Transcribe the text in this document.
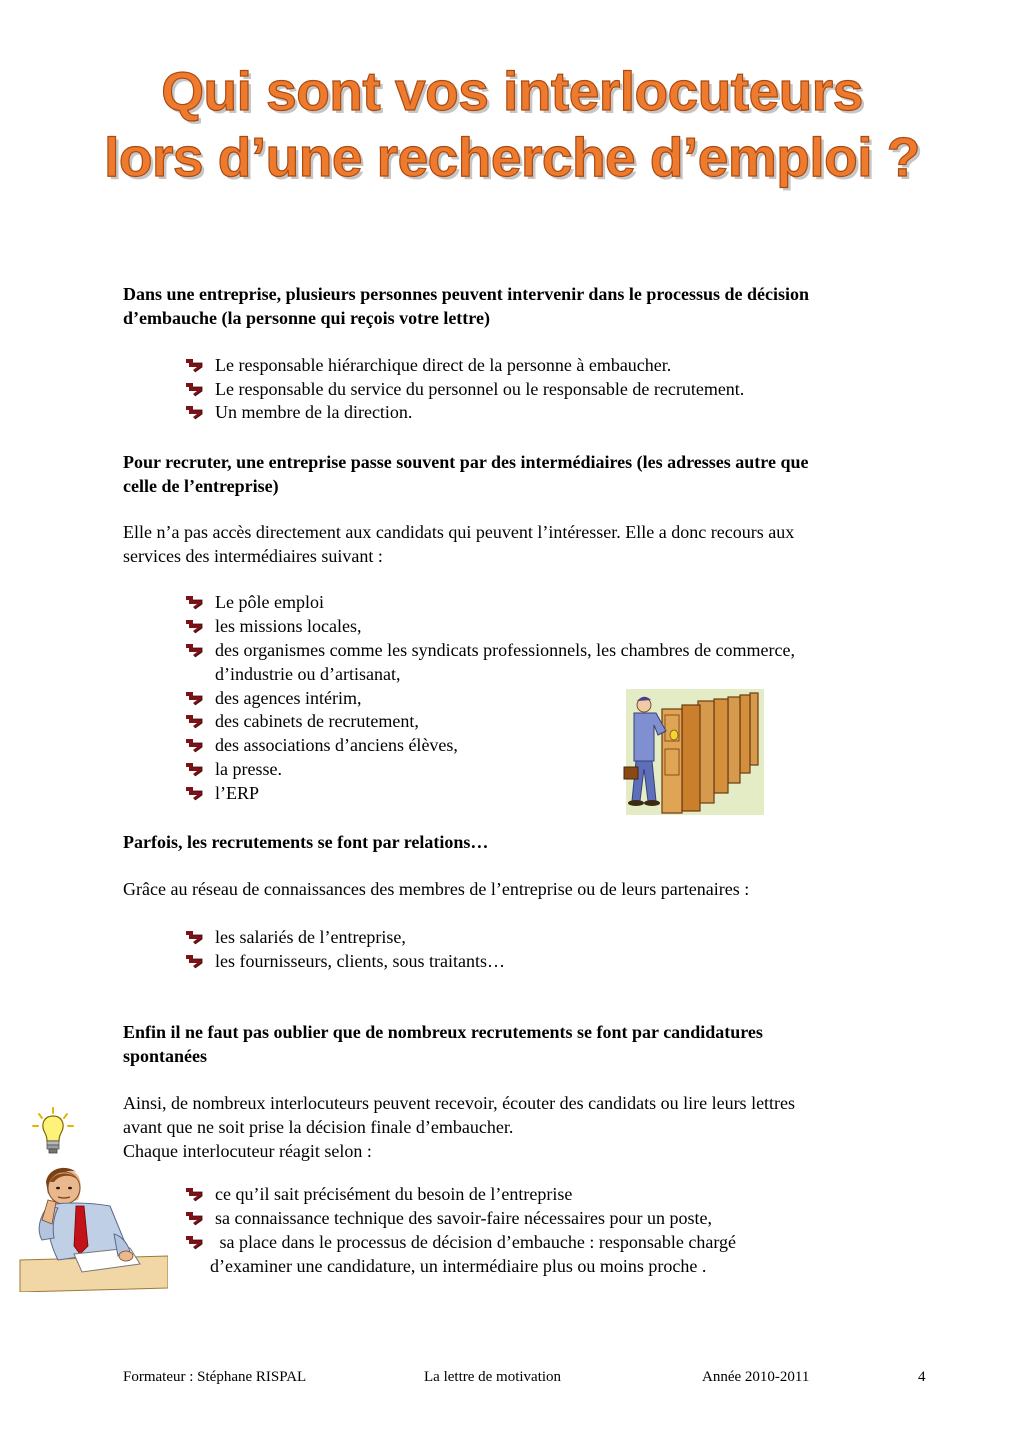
Qui sont vos interlocuteurs
lors d’une recherche d’emploi ?
Dans une entreprise, plusieurs personnes peuvent intervenir dans le processus de décision
d’embauche (la personne qui reçois votre lettre)
Le responsable hiérarchique direct de la personne à embaucher.
Le responsable du service du personnel ou le responsable de recrutement.
Un membre de la direction.
Pour recruter, une entreprise passe souvent par des intermédiaires (les adresses autre que
celle de l’entreprise)
Elle n’a pas accès directement aux candidats qui peuvent l’intéresser. Elle a donc recours aux
services des intermédiaires suivant :
Le pôle emploi
les missions locales,
des organismes comme les syndicats professionnels, les chambres de commerce,
d’industrie ou d’artisanat,
des agences intérim,
des cabinets de recrutement,
des associations d’anciens élèves,
la presse.
l’ERP
Parfois, les recrutements se font par relations…
Grâce au réseau de connaissances des membres de l’entreprise ou de leurs partenaires :
les salariés de l’entreprise,
les fournisseurs, clients, sous traitants…
Enfin il ne faut pas oublier que de nombreux recrutements se font par candidatures
spontanées
Ainsi, de nombreux interlocuteurs peuvent recevoir, écouter des candidats ou lire leurs lettres
avant que ne soit prise la décision finale d’embaucher.
Chaque interlocuteur réagit selon :
ce qu’il sait précisément du besoin de l’entreprise
sa connaissance technique des savoir-faire nécessaires pour un poste,
sa place dans le processus de décision d’embauche : responsable chargé
d’examiner une candidature, un intermédiaire plus ou moins proche .
Formateur : Stéphane RISPAL	La lettre de motivation	Année 2010-2011	4
